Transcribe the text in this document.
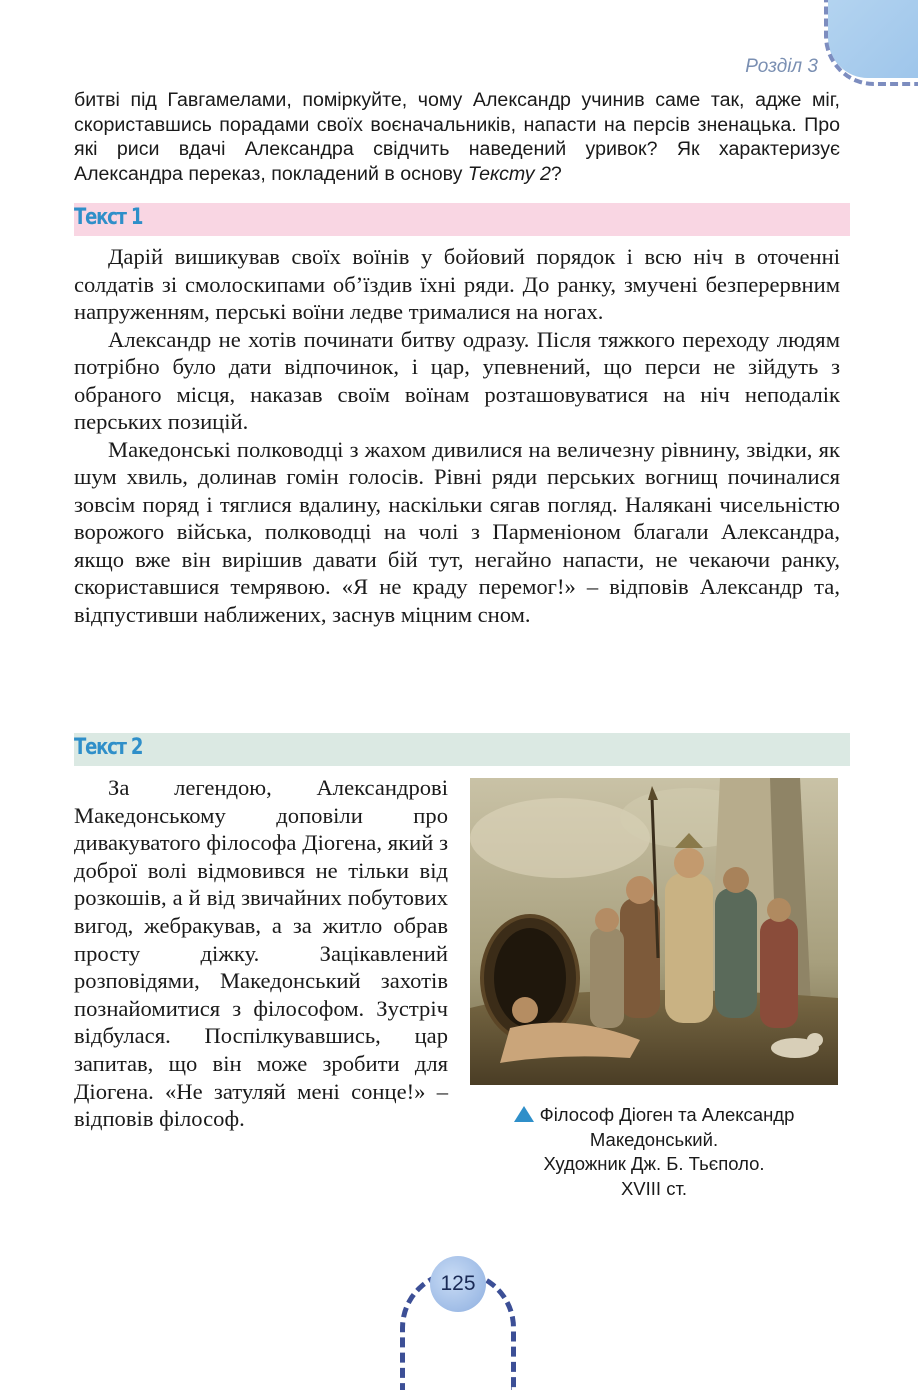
Розділ 3

битві під Гавгамелами, поміркуйте, чому Александр учинив саме так, адже міг, скориставшись порадами своїх воєначальників, напасти на персів зненацька. Про які риси вдачі Александра свідчить наведений уривок? Як характеризує Александра переказ, покладений в основу Тексту 2?

Текст 1

Дарій вишикував своїх воїнів у бойовий порядок і всю ніч в оточенні солдатів зі смолоскипами об’їздив їхні ряди. До ранку, змучені безперервним напруженням, перські воїни ледве трималися на ногах.

Александр не хотів починати битву одразу. Після тяжкого переходу людям потрібно було дати відпочинок, і цар, упевнений, що перси не зійдуть з обраного місця, наказав своїм воїнам розташовуватися на ніч неподалік перських позицій.

Македонські полководці з жахом дивилися на величезну рівнину, звідки, як шум хвиль, долинав гомін голосів. Рівні ряди перських вогнищ починалися зовсім поряд і тяглися вдалину, наскільки сягав погляд. Налякані чисельністю ворожого війська, полководці на чолі з Парменіоном благали Александра, якщо вже він вирішив давати бій тут, негайно напасти, не чекаючи ранку, скориставшися темрявою. «Я не краду перемог!» – відповів Александр та, відпустивши наближених, заснув міцним сном.

Текст 2

За легендою, Александрові Македонському доповіли про дивакуватого філософа Діогена, який з доброї волі відмовився не тільки від розкошів, а й від звичайних побутових вигод, жебракував, а за житло обрав просту діжку. Зацікавлений розповідями, Македонський захотів познайомитися з філософом. Зустріч відбулася. Поспілкувавшись, цар запитав, що він може зробити для Діогена. «Не затуляй мені сонце!» – відповів філософ.	Філософ Діоген та Александр
Македонський.
Художник Дж. Б. Тьєполо.
XVIII ст.
125
